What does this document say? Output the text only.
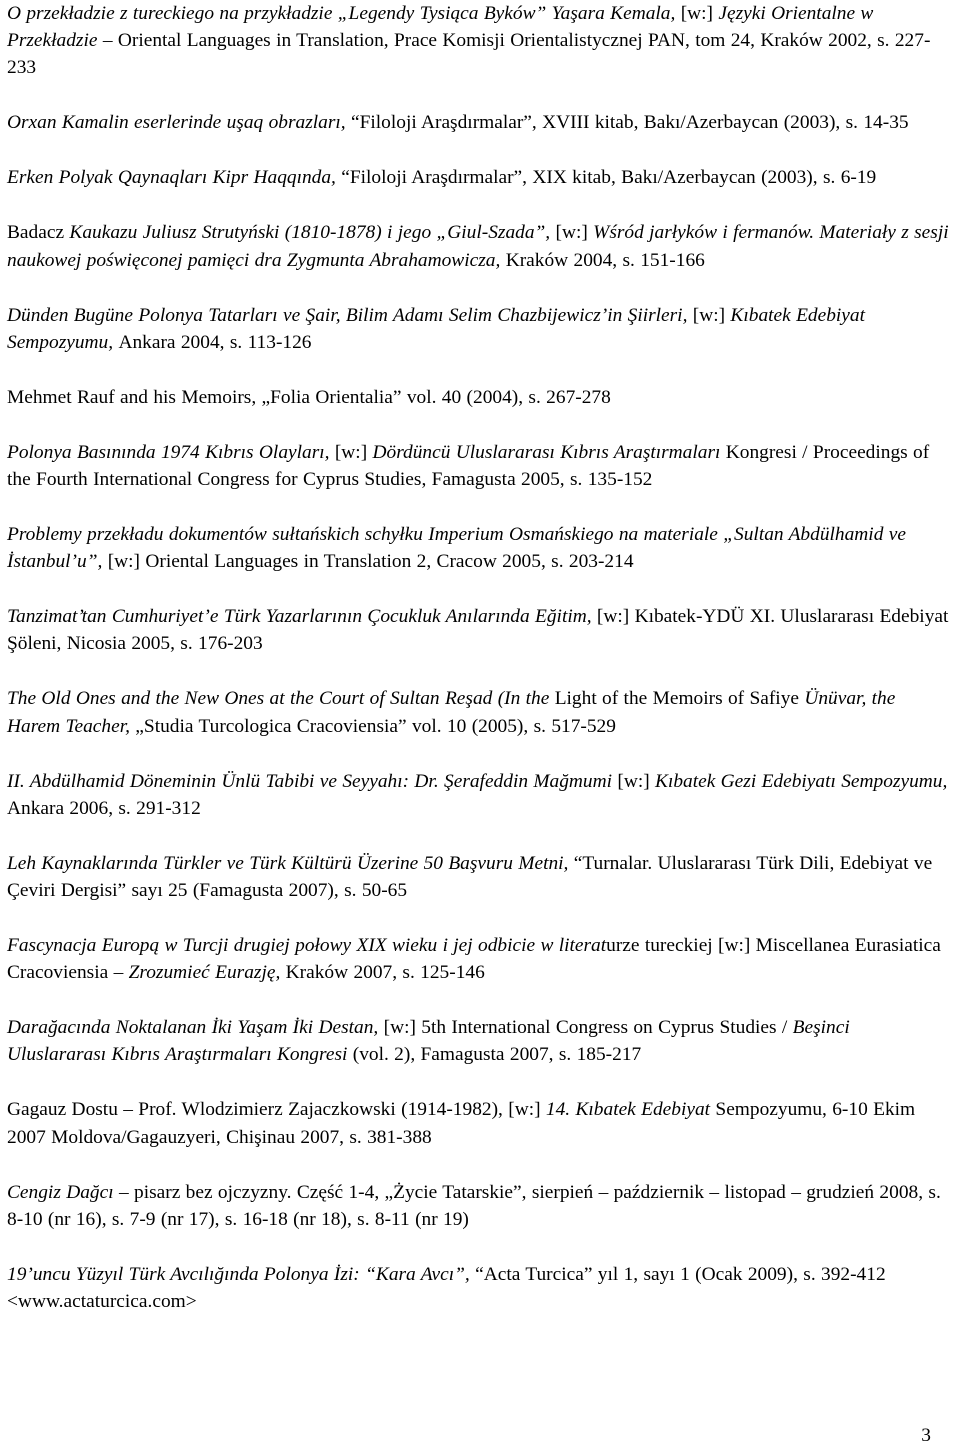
O przekładzie z tureckiego na przykładzie „Legendy Tysiąca Byków” Yaşara Kemala, [w:] Języki Orientalne w Przekładzie – Oriental Languages in Translation, Prace Komisji Orientalistycznej PAN, tom 24, Kraków 2002, s. 227-233

Orxan Kamalin eserlerinde uşaq obrazları, “Filoloji Araşdırmalar”, XVIII kitab, Bakı/Azerbaycan (2003), s. 14-35

Erken Polyak Qaynaqları Kipr Haqqında, “Filoloji Araşdırmalar”, XIX kitab, Bakı/Azerbaycan (2003), s. 6-19

Badacz Kaukazu Juliusz Strutyński (1810-1878) i jego „Giul-Szada”, [w:] Wśród jarłyków i fermanów. Materiały z sesji naukowej poświęconej pamięci dra Zygmunta Abrahamowicza, Kraków 2004, s. 151-166

Dünden Bugüne Polonya Tatarları ve Şair, Bilim Adamı Selim Chazbijewicz’in Şiirleri, [w:] Kıbatek Edebiyat Sempozyumu, Ankara 2004, s. 113-126

Mehmet Rauf and his Memoirs, „Folia Orientalia” vol. 40 (2004), s. 267-278

Polonya Basınında 1974 Kıbrıs Olayları, [w:] Dördüncü Uluslararası Kıbrıs Araştırmaları Kongresi / Proceedings of the Fourth International Congress for Cyprus Studies, Famagusta 2005, s. 135-152

Problemy przekładu dokumentów sułtańskich schyłku Imperium Osmańskiego na materiale „Sultan Abdülhamid ve İstanbul’u”, [w:] Oriental Languages in Translation 2, Cracow 2005, s. 203-214

Tanzimat’tan Cumhuriyet’e Türk Yazarlarının Çocukluk Anılarında Eğitim, [w:] Kıbatek-YDÜ XI. Uluslararası Edebiyat Şöleni, Nicosia 2005, s. 176-203

The Old Ones and the New Ones at the Court of Sultan Reşad (In the Light of the Memoirs of Safiye Ünüvar, the Harem Teacher, „Studia Turcologica Cracoviensia” vol. 10 (2005), s. 517-529

II. Abdülhamid Döneminin Ünlü Tabibi ve Seyyahı: Dr. Şerafeddin Mağmumi [w:] Kıbatek Gezi Edebiyatı Sempozyumu, Ankara 2006, s. 291-312

Leh Kaynaklarında Türkler ve Türk Kültürü Üzerine 50 Başvuru Metni, “Turnalar. Uluslararası Türk Dili, Edebiyat ve Çeviri Dergisi” sayı 25 (Famagusta 2007), s. 50-65

Fascynacja Europą w Turcji drugiej połowy XIX wieku i jej odbicie w literaturze tureckiej [w:] Miscellanea Eurasiatica Cracoviensia – Zrozumieć Eurazję, Kraków 2007, s. 125-146

Darağacında Noktalanan İki Yaşam İki Destan, [w:] 5th International Congress on Cyprus Studies / Beşinci Uluslararası Kıbrıs Araştırmaları Kongresi (vol. 2), Famagusta 2007, s. 185-217

Gagauz Dostu – Prof. Wlodzimierz Zajaczkowski (1914-1982), [w:] 14. Kıbatek Edebiyat Sempozyumu, 6-10 Ekim 2007 Moldova/Gagauzyeri, Chişinau 2007, s. 381-388

Cengiz Dağcı – pisarz bez ojczyzny. Część 1-4, „Życie Tatarskie”, sierpień – październik – listopad – grudzień 2008, s. 8-10 (nr 16), s. 7-9 (nr 17), s. 16-18 (nr 18), s. 8-11 (nr 19)

19’uncu Yüzyıl Türk Avcılığında Polonya İzi: “Kara Avcı”, “Acta Turcica” yıl 1, sayı 1 (Ocak 2009), s. 392-412 <www.actaturcica.com>

3
